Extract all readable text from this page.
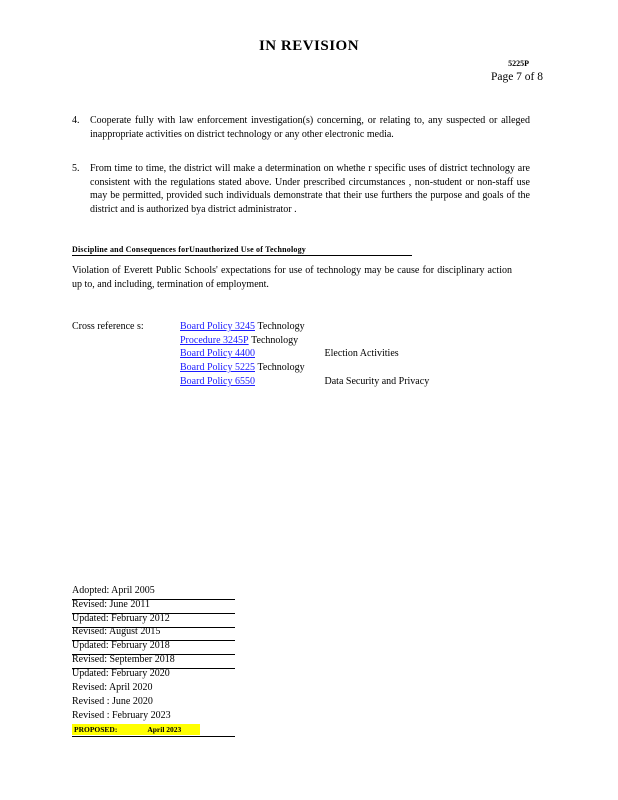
IN REVISION
5225P
Page 7 of 8
4. Cooperate fully with law enforcement investigation(s) concerning, or relating to, any suspected or alleged inappropriate activities on district technology or any other electronic media.
5. From time to time, the district will make a determination on whethe r specific uses of district technology are consistent with the regulations stated above. Under prescribed circumstances , non-student or non-staff use may be permitted, provided such individuals demonstrate that their use furthers the purpose and goals of the district and is authorized bya district administrator .
Discipline and Consequences forUnauthorized Use of Technology
Violation of Everett Public Schools' expectations for use of technology may be cause for disciplinary action up to, and including, termination of employment.
Cross reference s:	Board Policy 3245 Technology
Procedure 3245P Technology
Board Policy 4400	Election Activities
Board Policy 5225 Technology
Board Policy 6550	Data Security and Privacy
Adopted: April 2005
Revised: June 2011
Updated: February 2012
Revised: August 2015
Updated: February 2018
Revised: September 2018
Updated: February 2020
Revised: April 2020
Revised : June 2020
Revised : February 2023
PROPOSED:	April 2023
